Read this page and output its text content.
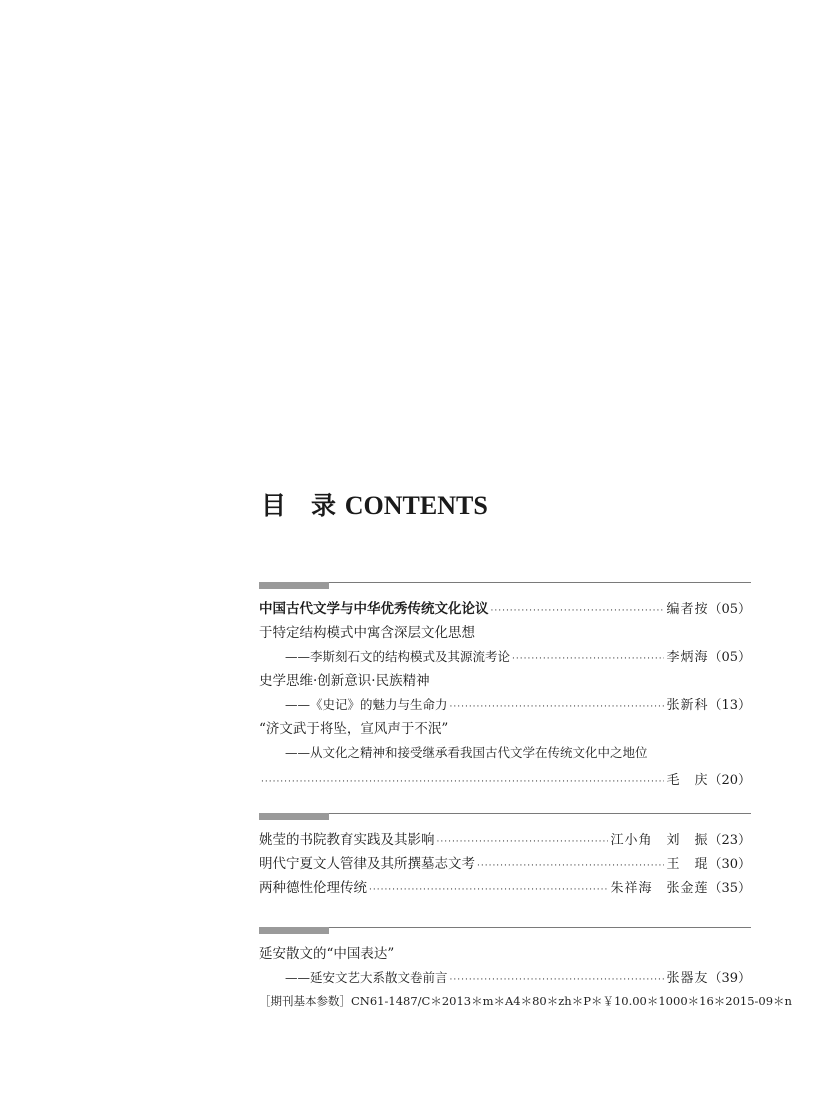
目　录 CONTENTS
中国古代文学与中华优秀传统文化论议 ·····	编者按 （05）
于特定结构模式中寓含深层文化思想
——李斯刻石文的结构模式及其源流考论 ·····	李炳海 （05）
史学思维·创新意识·民族精神
——《史记》的魅力与生命力 ·····	张新科 （13）
“济文武于将坠，宣风声于不泯”
——从文化之精神和接受继承看我国古代文学在传统文化中之地位
·····
毛　庆 （20）
姚莹的书院教育实践及其影响 ·····	江小角　刘　振 （23）
明代宁夏文人管律及其所撰墓志文考 ·····	王　琨 （30）
两种德性伦理传统 ·····	朱祥海　张金莲 （35）
延安散文的“中国表达”
——延安文艺大系散文卷前言 ·····	张器友 （39）
［期刊基本参数］CN61-1487/C＊2013＊m＊A4＊80＊zh＊P＊￥10.00＊1000＊16＊2015-09＊n
